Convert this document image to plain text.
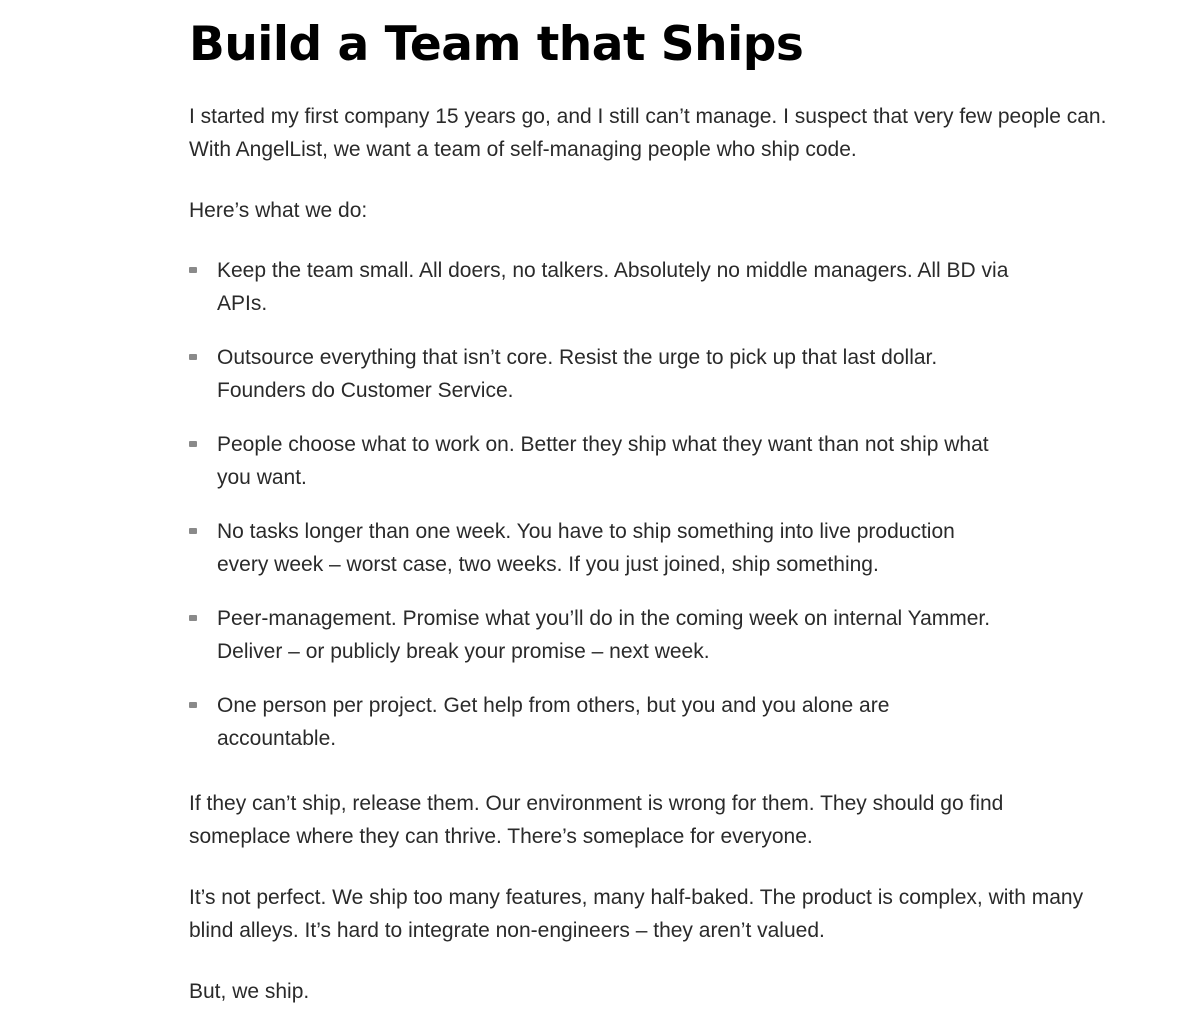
Build a Team that Ships

I started my first company 15 years go, and I still can’t manage. I suspect that very few people can. With AngelList, we want a team of self-managing people who ship code.

Here’s what we do:

Keep the team small. All doers, no talkers. Absolutely no middle managers. All BD via APIs.
Outsource everything that isn’t core. Resist the urge to pick up that last dollar. Founders do Customer Service.
People choose what to work on. Better they ship what they want than not ship what you want.
No tasks longer than one week. You have to ship something into live production every week – worst case, two weeks. If you just joined, ship something.
Peer-management. Promise what you’ll do in the coming week on internal Yammer. Deliver – or publicly break your promise – next week.
One person per project. Get help from others, but you and you alone are accountable.

If they can’t ship, release them. Our environment is wrong for them. They should go find someplace where they can thrive. There’s someplace for everyone.

It’s not perfect. We ship too many features, many half-baked. The product is complex, with many blind alleys. It’s hard to integrate non-engineers – they aren’t valued.

But, we ship.
